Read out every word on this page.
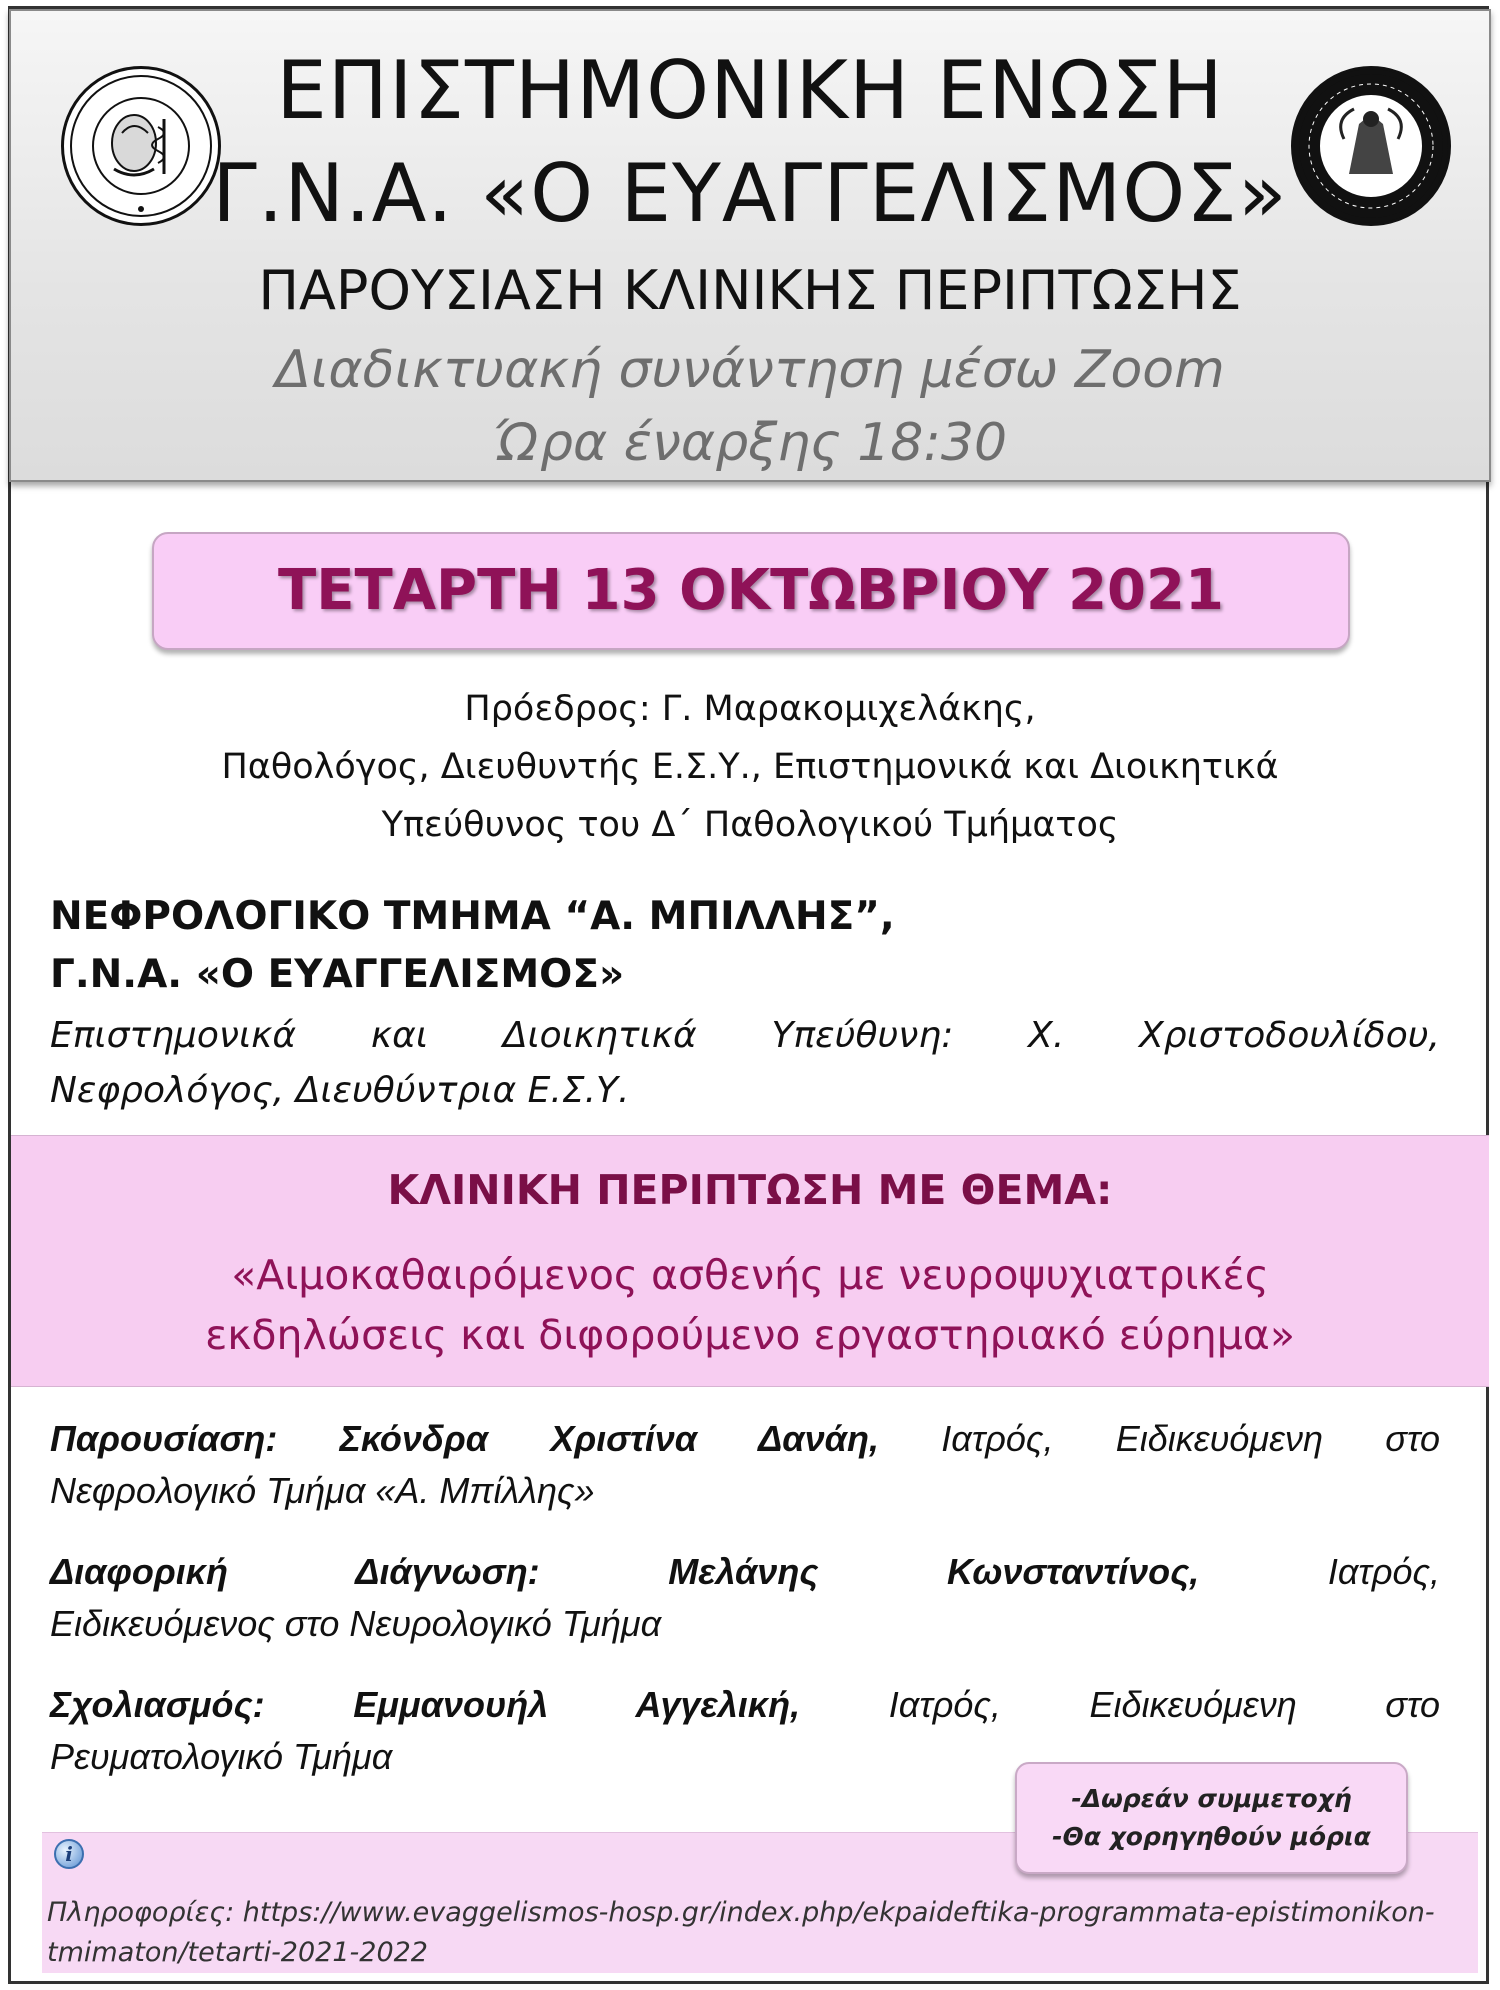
ΕΠΙΣΤΗΜΟΝΙΚΗ ΕΝΩΣΗ
Γ.Ν.Α. «Ο ΕΥΑΓΓΕΛΙΣΜΟΣ»
ΠΑΡΟΥΣΙΑΣΗ ΚΛΙΝΙΚΗΣ ΠΕΡΙΠΤΩΣΗΣ
Διαδικτυακή συνάντηση μέσω Zoom
Ώρα έναρξης 18:30
ΤΕΤΑΡΤΗ 13 ΟΚΤΩΒΡΙΟΥ 2021
Πρόεδρος: Γ. Μαρακομιχελάκης,
Παθολόγος, Διευθυντής Ε.Σ.Υ., Επιστημονικά και Διοικητικά
Υπεύθυνος του Δ΄ Παθολογικού Τμήματος
ΝΕΦΡΟΛΟΓΙΚΟ ΤΜΗΜΑ “Α. ΜΠΙΛΛΗΣ”,
Γ.Ν.Α. «Ο ΕΥΑΓΓΕΛΙΣΜΟΣ»
Επιστημονικά και Διοικητικά Υπεύθυνη: Χ. Χριστοδουλίδου,
Νεφρολόγος, Διευθύντρια Ε.Σ.Υ.
ΚΛΙΝΙΚΗ ΠΕΡΙΠΤΩΣΗ ΜΕ ΘΕΜΑ:
«Αιμοκαθαιρόμενος ασθενής με νευροψυχιατρικές
εκδηλώσεις και διφορούμενο εργαστηριακό εύρημα»
Παρουσίαση: Σκόνδρα Χριστίνα Δανάη, Ιατρός, Ειδικευόμενη στο
Νεφρολογικό Τμήμα «Α. Μπίλλης»
Διαφορική Διάγνωση: Μελάνης Κωνσταντίνος,	Ιατρός,
Ειδικευόμενος στο Νευρολογικό Τμήμα
Σχολιασμός: Εμμανουήλ Αγγελική, Ιατρός, Ειδικευόμενη στο
Ρευματολογικό Τμήμα
i
Πληροφορίες: https://www.evaggelismos-hosp.gr/index.php/ekpaideftika-programmata-epistimonikon-
tmimaton/tetarti-2021-2022
-Δωρεάν συμμετοχή
-Θα χορηγηθούν μόρια
